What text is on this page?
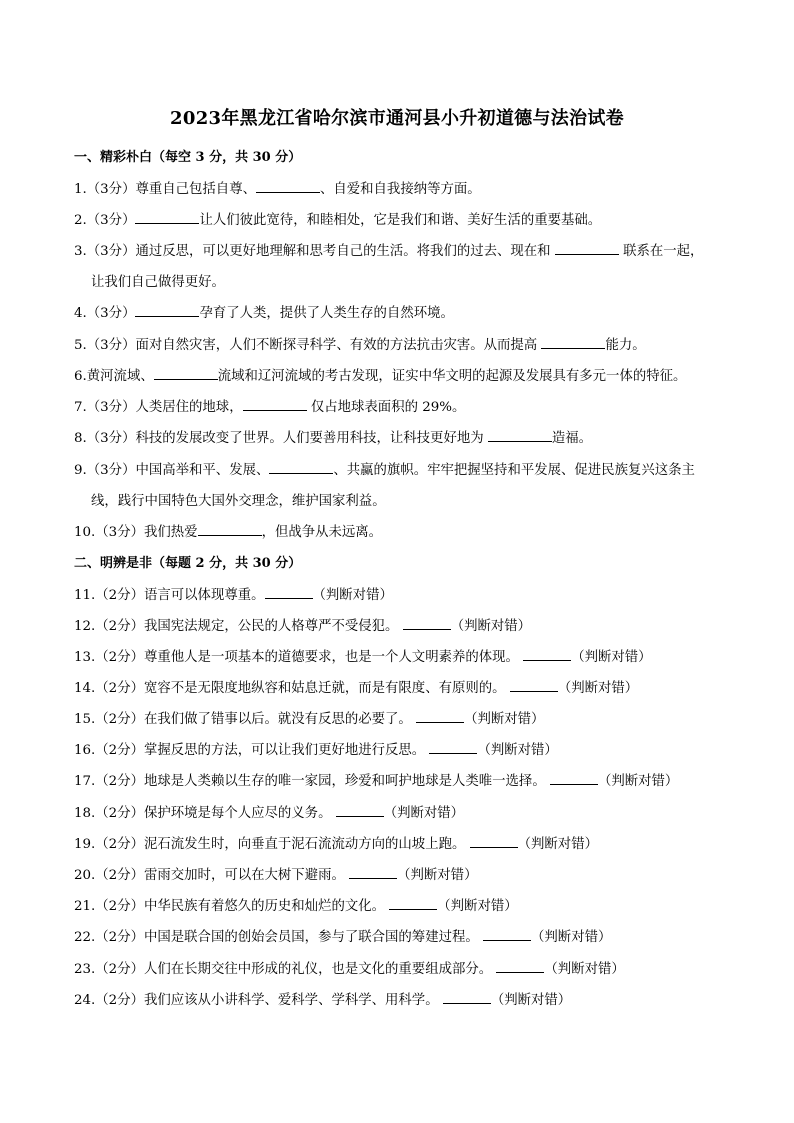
2023年黑龙江省哈尔滨市通河县小升初道德与法治试卷
一、精彩朴白（每空 3 分，共 30 分）
1.（3分）尊重自己包括自尊、	、自爱和自我接纳等方面。
2.（3分）	让人们彼此宽待，和睦相处，它是我们和谐、美好生活的重要基础。
3.（3分）通过反思，可以更好地理解和思考自己的生活。将我们的过去、现在和	联系在一起，
让我们自己做得更好。
4.（3分）	孕育了人类，提供了人类生存的自然环境。
5.（3分）面对自然灾害，人们不断探寻科学、有效的方法抗击灾害。从而提高	能力。
6.黄河流域、	流域和辽河流域的考古发现，证实中华文明的起源及发展具有多元一体的特征。
7.（3分）人类居住的地球，	仅占地球表面积的 29%。
8.（3分）科技的发展改变了世界。人们要善用科技，让科技更好地为	造福。
9.（3分）中国高举和平、发展、	、共赢的旗帜。牢牢把握坚持和平发展、促进民族复兴这条主
线，践行中国特色大国外交理念，维护国家利益。
10.（3分）我们热爱	，但战争从未远离。
二、明辨是非（每题 2 分，共 30 分）
11.（2分）语言可以体现尊重。	（判断对错）
12.（2分）我国宪法规定，公民的人格尊严不受侵犯。	（判断对错）
13.（2分）尊重他人是一项基本的道德要求，也是一个人文明素养的体现。	（判断对错）
14.（2分）宽容不是无限度地纵容和姑息迁就，而是有限度、有原则的。	（判断对错）
15.（2分）在我们做了错事以后。就没有反思的必要了。	（判断对错）
16.（2分）掌握反思的方法，可以让我们更好地进行反思。	（判断对错）
17.（2分）地球是人类赖以生存的唯一家园，珍爱和呵护地球是人类唯一选择。	（判断对错）
18.（2分）保护环境是每个人应尽的义务。	（判断对错）
19.（2分）泥石流发生时，向垂直于泥石流流动方向的山坡上跑。	（判断对错）
20.（2分）雷雨交加时，可以在大树下避雨。	（判断对错）
21.（2分）中华民族有着悠久的历史和灿烂的文化。	（判断对错）
22.（2分）中国是联合国的创始会员国，参与了联合国的筹建过程。	（判断对错）
23.（2分）人们在长期交往中形成的礼仪，也是文化的重要组成部分。	（判断对错）
24.（2分）我们应该从小讲科学、爱科学、学科学、用科学。	（判断对错）
